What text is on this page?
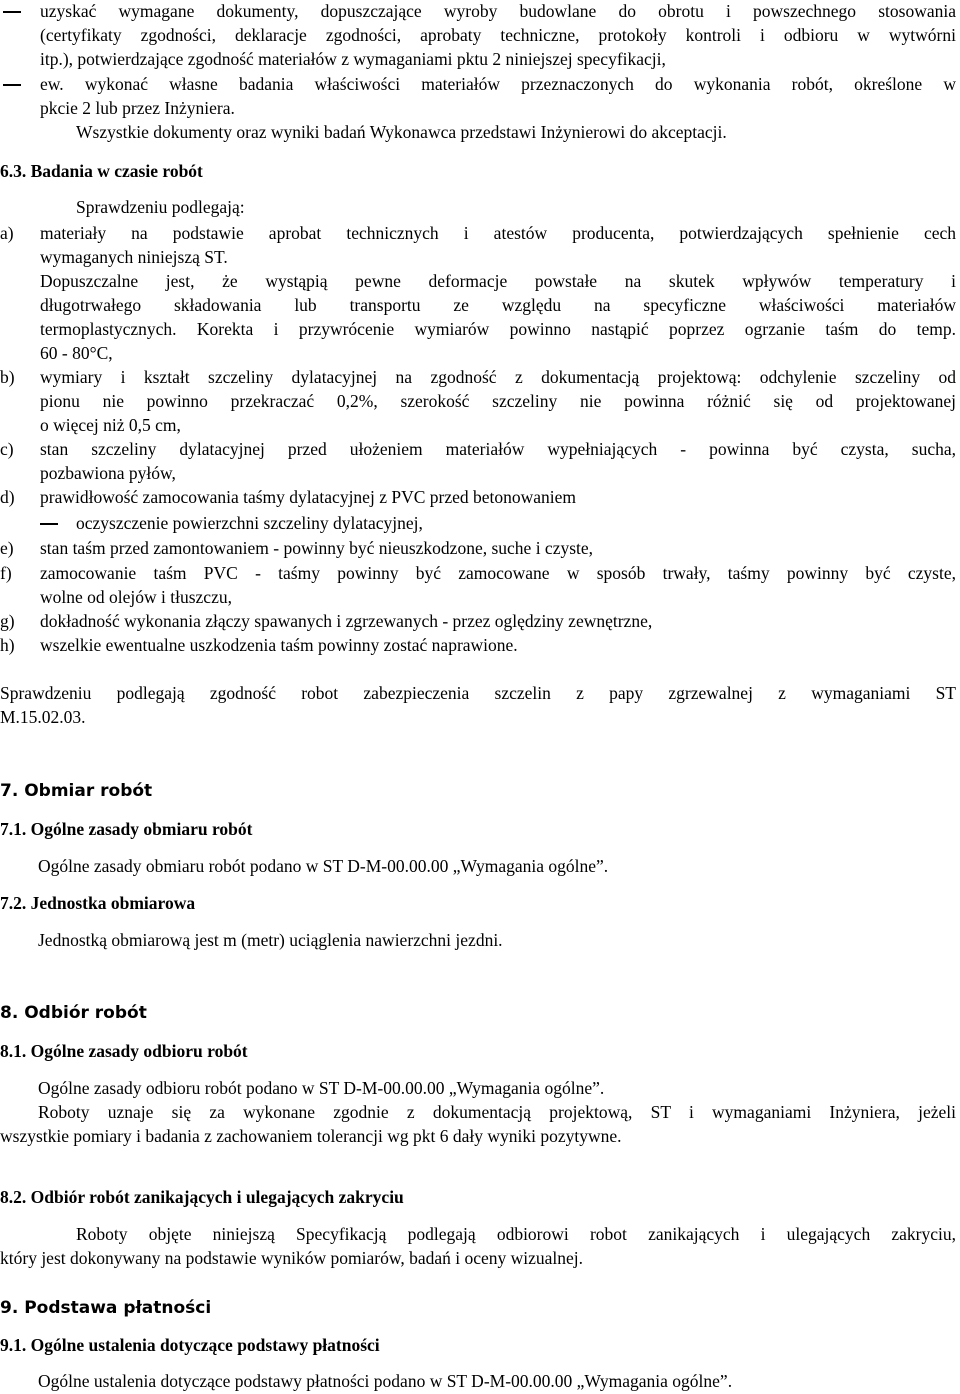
uzyskać wymagane dokumenty, dopuszczające wyroby budowlane do obrotu i powszechnego stosowania
(certyfikaty zgodności, deklaracje zgodności, aprobaty techniczne, protokoły kontroli i odbioru w wytwórni
itp.), potwierdzające zgodność materiałów z wymaganiami pktu 2 niniejszej specyfikacji,
ew. wykonać własne badania właściwości materiałów przeznaczonych do wykonania robót, określone w
pkcie 2 lub przez Inżyniera.
Wszystkie dokumenty oraz wyniki badań Wykonawca przedstawi Inżynierowi do akceptacji.
6.3. Badania w czasie robót
Sprawdzeniu podlegają:
a) materiały na podstawie aprobat technicznych i atestów producenta, potwierdzających spełnienie cech
wymaganych niniejszą ST.
Dopuszczalne jest, że wystąpią pewne deformacje powstałe na skutek wpływów temperatury i
długotrwałego składowania lub transportu ze względu na specyficzne właściwości materiałów
termoplastycznych. Korekta i przywrócenie wymiarów powinno nastąpić poprzez ogrzanie taśm do temp.
60 - 80°C,
b) wymiary i kształt szczeliny dylatacyjnej na zgodność z dokumentacją projektową: odchylenie szczeliny od
pionu nie powinno przekraczać 0,2%, szerokość szczeliny nie powinna różnić się od projektowanej
o więcej niż 0,5 cm,
c) stan szczeliny dylatacyjnej przed ułożeniem materiałów wypełniających - powinna być czysta, sucha,
pozbawiona pyłów,
d) prawidłowość zamocowania taśmy dylatacyjnej z PVC przed betonowaniem
oczyszczenie powierzchni szczeliny dylatacyjnej,
e) stan taśm przed zamontowaniem - powinny być nieuszkodzone, suche i czyste,
f) zamocowanie taśm PVC - taśmy powinny być zamocowane w sposób trwały, taśmy powinny być czyste,
wolne od olejów i tłuszczu,
g) dokładność wykonania złączy spawanych i zgrzewanych - przez oględziny zewnętrzne,
h) wszelkie ewentualne uszkodzenia taśm powinny zostać naprawione.
Sprawdzeniu podlegają zgodność robot zabezpieczenia szczelin z papy zgrzewalnej z wymaganiami ST
M.15.02.03.
7. Obmiar robót
7.1. Ogólne zasady obmiaru robót
Ogólne zasady obmiaru robót podano w ST D-M-00.00.00 „Wymagania ogólne”.
7.2. Jednostka obmiarowa
Jednostką obmiarową jest m (metr) uciąglenia nawierzchni jezdni.
8. Odbiór robót
8.1. Ogólne zasady odbioru robót
Ogólne zasady odbioru robót podano w ST D-M-00.00.00 „Wymagania ogólne”.
Roboty uznaje się za wykonane zgodnie z dokumentacją projektową, ST i wymaganiami Inżyniera, jeżeli
wszystkie pomiary i badania z zachowaniem tolerancji wg pkt 6 dały wyniki pozytywne.
8.2. Odbiór robót zanikających i ulegających zakryciu
Roboty objęte niniejszą Specyfikacją podlegają odbiorowi robot zanikających i ulegających zakryciu,
który jest dokonywany na podstawie wyników pomiarów, badań i oceny wizualnej.
9. Podstawa płatności
9.1. Ogólne ustalenia dotyczące podstawy płatności
Ogólne ustalenia dotyczące podstawy płatności podano w ST D-M-00.00.00 „Wymagania ogólne”.
